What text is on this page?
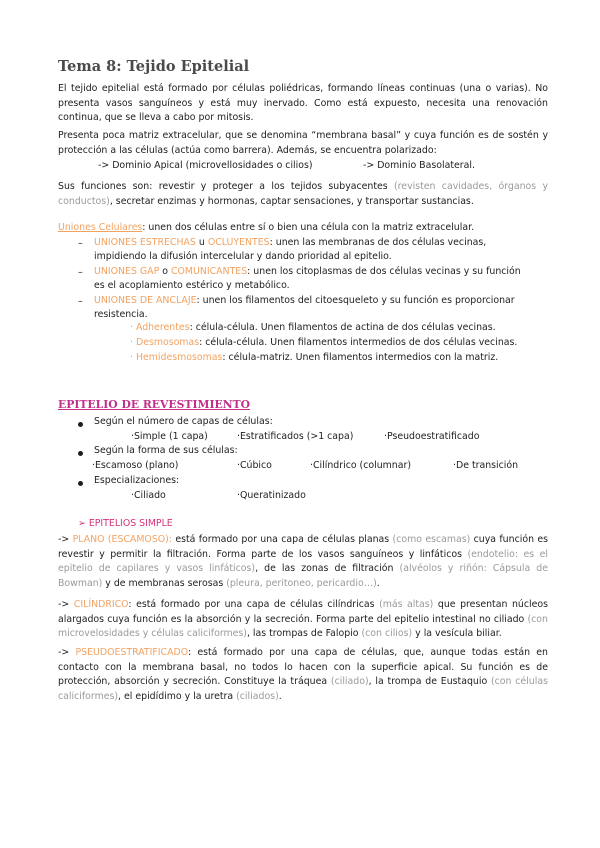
Tema 8: Tejido Epitelial

El tejido epitelial está formado por células poliédricas, formando líneas continuas (una o varias). No presenta vasos sanguíneos y está muy inervado. Como está expuesto, necesita una renovación continua, que se lleva a cabo por mitosis.

Presenta poca matriz extracelular, que se denomina “membrana basal” y cuya función es de sostén y protección a las células (actúa como barrera). Además, se encuentra polarizado:

-> Dominio Apical (microvellosidades o cilios)	-> Dominio Basolateral.

Sus funciones son: revestir y proteger a los tejidos subyacentes (revisten cavidades, órganos y conductos), secretar enzimas y hormonas, captar sensaciones, y transportar sustancias.

Uniones Celulares: unen dos células entre sí o bien una célula con la matriz extracelular.

– UNIONES ESTRECHAS u OCLUYENTES: unen las membranas de dos células vecinas,

impidiendo la difusión intercelular y dando prioridad al epitelio.

– UNIONES GAP o COMUNICANTES: unen los citoplasmas de dos células vecinas y su función

es el acoplamiento estérico y metabólico.

– UNIONES DE ANCLAJE: unen los filamentos del citoesqueleto y su función es proporcionar

resistencia.

· Adherentes: célula-célula. Unen filamentos de actina de dos células vecinas.

· Desmosomas: célula-célula. Unen filamentos intermedios de dos células vecinas.

· Hemidesmosomas: célula-matriz. Unen filamentos intermedios con la matriz.

EPITELIO DE REVESTIMIENTO
Según el número de capas de células:
·Simple (1 capa)	·Estratificados (>1 capa)	·Pseudoestratificado
Según la forma de sus células:
·Escamoso (plano)	·Cúbico	·Cilíndrico (columnar)	·De transición
Especializaciones:
·Ciliado	·Queratinizado
➢ EPITELIOS SIMPLE

-> PLANO (ESCAMOSO): está formado por una capa de células planas (como escamas) cuya función es revestir y permitir la filtración. Forma parte de los vasos sanguíneos y linfáticos (endotelio: es el epitelio de capilares y vasos linfáticos), de las zonas de filtración (alvéolos y riñón: Cápsula de Bowman) y de membranas serosas (pleura, peritoneo, pericardio…).

-> CILÍNDRICO: está formado por una capa de células cilíndricas (más altas) que presentan núcleos alargados cuya función es la absorción y la secreción. Forma parte del epitelio intestinal no ciliado (con microvelosidades y células caliciformes), las trompas de Falopio (con cilios) y la vesícula biliar.

-> PSEUDOESTRATIFICADO: está formado por una capa de células, que, aunque todas están en contacto con la membrana basal, no todos lo hacen con la superficie apical. Su función es de protección, absorción y secreción. Constituye la tráquea (ciliado), la trompa de Eustaquio (con células caliciformes), el epidídimo y la uretra (ciliados).
